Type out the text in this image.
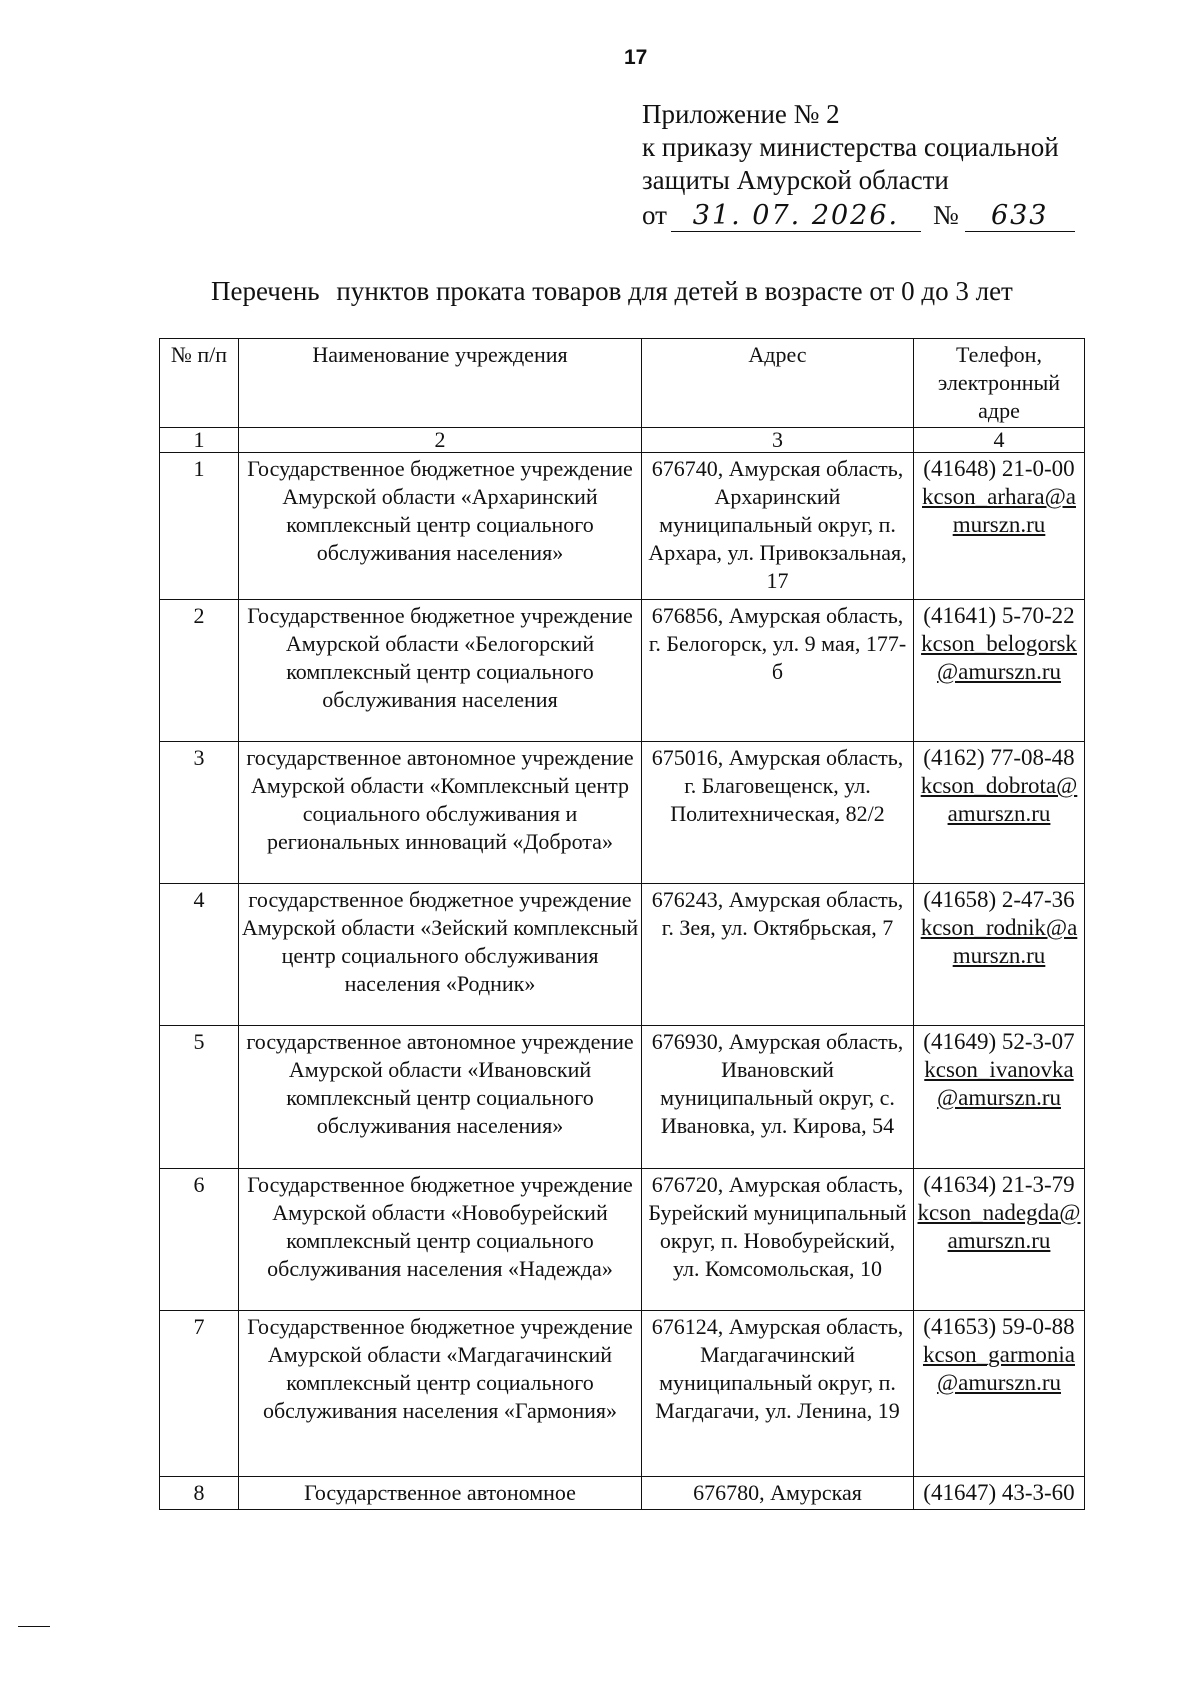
17
Приложение № 2
к приказу министерства социальной
защиты Амурской области
от 31. 07. 2026.	№	633
Перечень пунктов проката товаров для детей в возрасте от 0 до 3 лет
№ п/п	Наименование учреждения	Адрес	Телефон, электронный адре
1	2	3	4
1	Государственное бюджетное учреждение Амурской области «Архаринский комплексный центр социального обслуживания населения»	676740, Амурская область, Архаринский муниципальный округ, п. Архара, ул. Привокзальная, 17	(41648) 21-0-00
kcson_arhara@amurszn.ru

2	Государственное бюджетное учреждение Амурской области «Белогорский комплексный центр социального обслуживания населения	676856, Амурская область, г. Белогорск, ул. 9 мая, 177-б	(41641) 5-70-22
kcson_belogorsk@amurszn.ru

3	государственное автономное учреждение Амурской области «Комплексный центр социального обслуживания и региональных инноваций «Доброта»	675016, Амурская область, г. Благовещенск, ул. Политехническая, 82/2	(4162) 77-08-48
kcson_dobrota@amurszn.ru

4	государственное бюджетное учреждение Амурской области «Зейский комплексный центр социального обслуживания населения «Родник»	676243, Амурская область, г. Зея, ул. Октябрьская, 7	(41658) 2-47-36
kcson_rodnik@amurszn.ru

5	государственное автономное учреждение Амурской области «Ивановский комплексный центр социального обслуживания населения»	676930, Амурская область, Ивановский муниципальный округ, с. Ивановка, ул. Кирова, 54	(41649) 52-3-07
kcson_ivanovka@amurszn.ru

6	Государственное бюджетное учреждение Амурской области «Новобурейский комплексный центр социального обслуживания населения «Надежда»	676720, Амурская область, Бурейский муниципальный округ, п. Новобурейский, ул. Комсомольская, 10	(41634) 21-3-79
kcson_nadegda@amurszn.ru

7	Государственное бюджетное учреждение Амурской области «Магдагачинский комплексный центр социального обслуживания населения «Гармония»	676124, Амурская область, Магдагачинский муниципальный округ, п. Магдагачи, ул. Ленина, 19	(41653) 59-0-88
kcson_garmonia@amurszn.ru

8	Государственное автономное	676780, Амурская	(41647) 43-3-60
